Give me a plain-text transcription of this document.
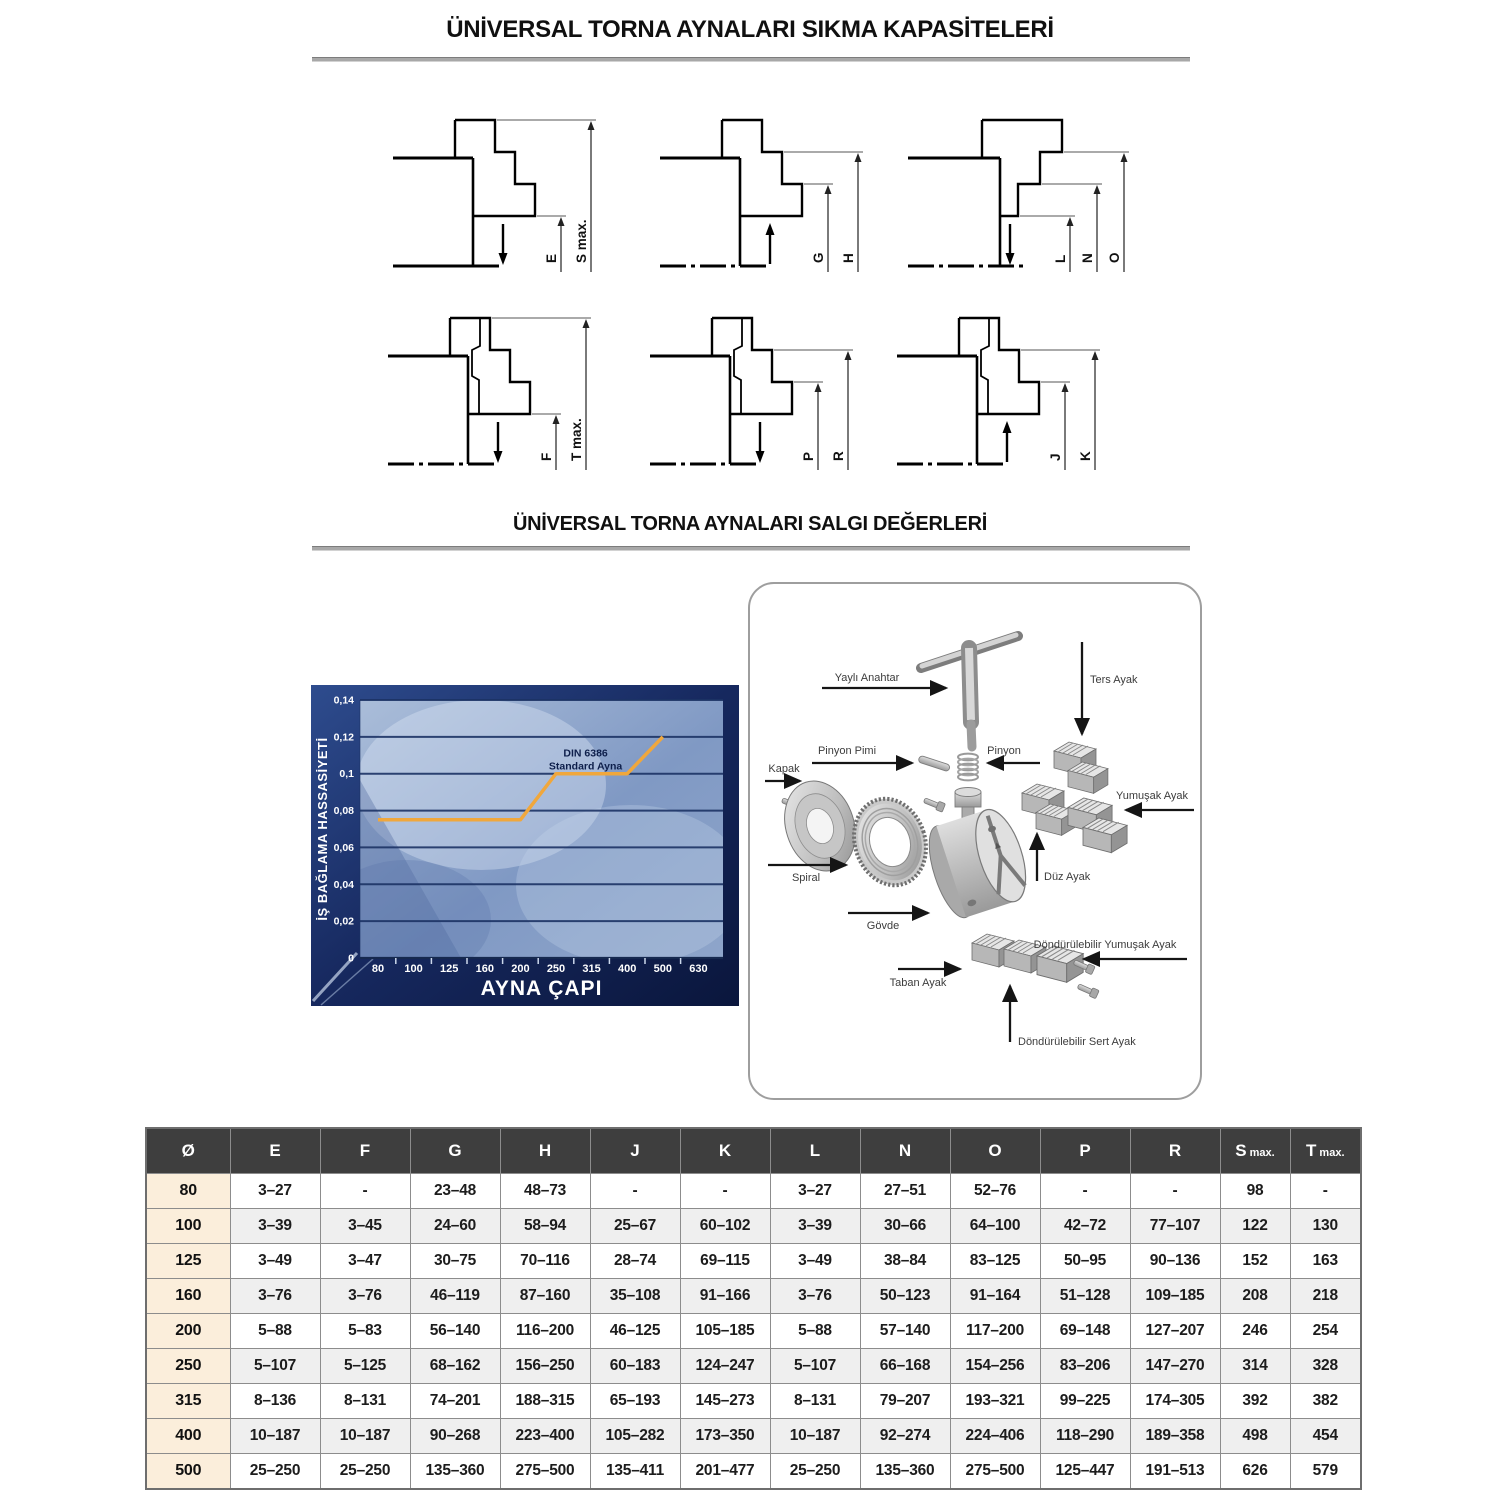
ÜNİVERSAL TORNA AYNALARI SIKMA KAPASİTELERİ
E S max.	G H	L N O
F T max.	P R	J K
ÜNİVERSAL TORNA AYNALARI SALGI DEĞERLERİ
0
0,02
0,04
0,06
0,08
0,1
0,12
0,14
80 100 125 160 200 250 315 400 500 630
AYNA ÇAPI
İŞ BAĞLAMA HASSASİYETİ	DIN 6386
Standard Ayna
Yaylı Anahtar	Ters Ayak
Pinyon Pimi	Pinyon
Kapak
Yumuşak Ayak
Spiral	Düz Ayak
Gövde
Taban Ayak
Döndürülebilir Yumuşak Ayak
Döndürülebilir Sert Ayak
Ø	E	F	G	H	J	K	L	N	O	P	R	S max.	T max.
80	3–27	-	23–48	48–73	-	-	3–27	27–51	52–76	-	-	98	-
100	3–39	3–45	24–60	58–94	25–67	60–102	3–39	30–66	64–100	42–72	77–107	122	130
125	3–49	3–47	30–75	70–116	28–74	69–115	3–49	38–84	83–125	50–95	90–136	152	163
160	3–76	3–76	46–119	87–160	35–108	91–166	3–76	50–123	91–164	51–128	109–185	208	218
200	5–88	5–83	56–140	116–200	46–125	105–185	5–88	57–140	117–200	69–148	127–207	246	254
250	5–107	5–125	68–162	156–250	60–183	124–247	5–107	66–168	154–256	83–206	147–270	314	328
315	8–136	8–131	74–201	188–315	65–193	145–273	8–131	79–207	193–321	99–225	174–305	392	382
400	10–187	10–187	90–268	223–400	105–282	173–350	10–187	92–274	224–406	118–290	189–358	498	454
500	25–250	25–250	135–360	275–500	135–411	201–477	25–250	135–360	275–500	125–447	191–513	626	579
